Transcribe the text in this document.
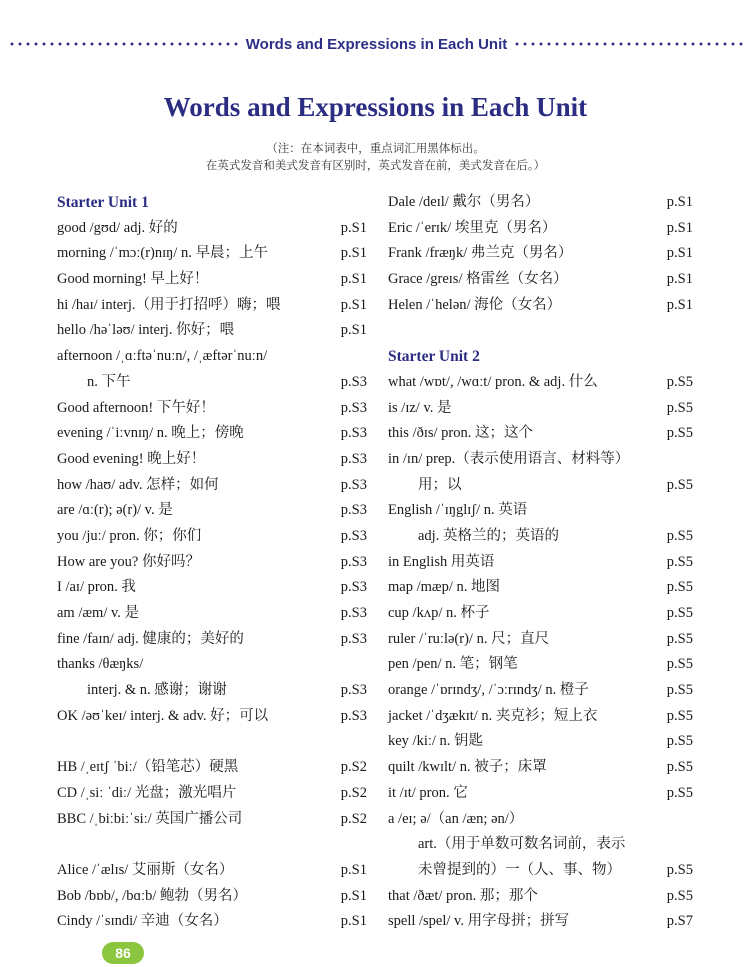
Words and Expressions in Each Unit
Words and Expressions in Each Unit
（注：在本词表中，重点词汇用黑体标出。
在英式发音和美式发音有区别时，英式发音在前，美式发音在后。）
Starter Unit 1
good /gʊd/ adj. 好的	p.S1
morning /ˈmɔː(r)nɪŋ/ n. 早晨；上午	p.S1
Good morning! 早上好！	p.S1
hi /haɪ/ interj.（用于打招呼）嗨；喂	p.S1
hello /həˈləʊ/ interj. 你好；喂	p.S1
afternoon /ˌɑːftəˈnuːn/, /ˌæftərˈnuːn/
n. 下午	p.S3
Good afternoon! 下午好！	p.S3
evening /ˈiːvnɪŋ/ n. 晚上；傍晚	p.S3
Good evening! 晚上好！	p.S3
how /haʊ/ adv. 怎样；如何	p.S3
are /ɑː(r); ə(r)/ v. 是	p.S3
you /juː/ pron. 你；你们	p.S3
How are you? 你好吗？	p.S3
I /aɪ/ pron. 我	p.S3
am /æm/ v. 是	p.S3
fine /faɪn/ adj. 健康的；美好的	p.S3
thanks /θæŋks/
interj. & n. 感谢；谢谢	p.S3
OK /əʊˈkeɪ/ interj. & adv. 好；可以	p.S3
HB /ˌeɪtʃ ˈbiː/（铅笔芯）硬黑	p.S2
CD /ˌsiː ˈdiː/ 光盘；激光唱片	p.S2
BBC /ˌbiːbiːˈsiː/ 英国广播公司	p.S2
Alice /ˈælɪs/ 艾丽斯（女名）	p.S1
Bob /bɒb/, /bɑːb/ 鲍勃（男名）	p.S1
Cindy /ˈsɪndi/ 辛迪（女名）	p.S1
Dale /deɪl/ 戴尔（男名）	p.S1
Eric /ˈerɪk/ 埃里克（男名）	p.S1
Frank /fræŋk/ 弗兰克（男名）	p.S1
Grace /greɪs/ 格雷丝（女名）	p.S1
Helen /ˈhelən/ 海伦（女名）	p.S1
Starter Unit 2
what /wɒt/, /wɑːt/ pron. & adj. 什么	p.S5
is /ɪz/ v. 是	p.S5
this /ðɪs/ pron. 这；这个	p.S5
in /ɪn/ prep.（表示使用语言、材料等）
用；以	p.S5
English /ˈɪŋglɪʃ/ n. 英语
adj. 英格兰的；英语的	p.S5
in English 用英语	p.S5
map /mæp/ n. 地图	p.S5
cup /kʌp/ n. 杯子	p.S5
ruler /ˈruːlə(r)/ n. 尺；直尺	p.S5
pen /pen/ n. 笔；钢笔	p.S5
orange /ˈɒrɪndʒ/, /ˈɔːrɪndʒ/ n. 橙子	p.S5
jacket /ˈdʒækɪt/ n. 夹克衫；短上衣	p.S5
key /kiː/ n. 钥匙	p.S5
quilt /kwɪlt/ n. 被子；床罩	p.S5
it /ɪt/ pron. 它	p.S5
a /eɪ; ə/（an /æn; ən/）
art.（用于单数可数名词前，表示
未曾提到的）一（人、事、物）	p.S5
that /ðæt/ pron. 那；那个	p.S5
spell /spel/ v. 用字母拼；拼写	p.S7
86
